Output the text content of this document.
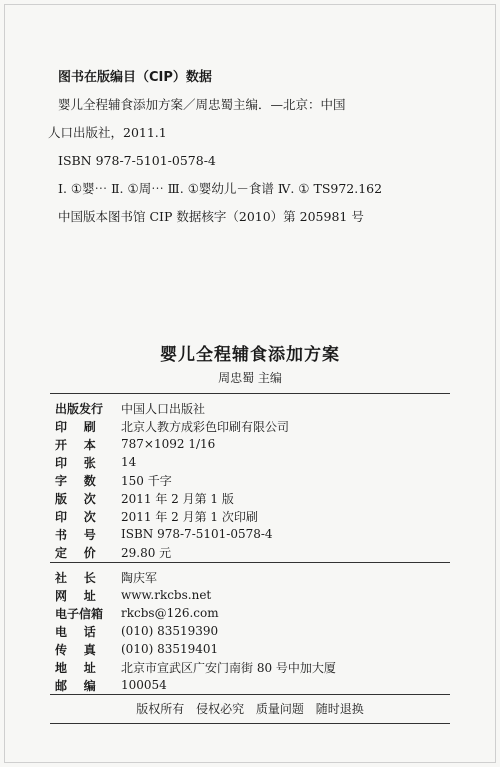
图书在版编目（CIP）数据
婴儿全程辅食添加方案／周忠蜀主编．—北京：中国
人口出版社，2011.1
ISBN 978-7-5101-0578-4
Ⅰ. ①婴⋯ Ⅱ. ①周⋯ Ⅲ. ①婴幼儿－食谱 Ⅳ. ① TS972.162
中国版本图书馆 CIP 数据核字（2010）第 205981 号
婴儿全程辅食添加方案
周忠蜀 主编
出版发行	中国人口出版社
印    刷	北京人教方成彩色印刷有限公司
开    本	787×1092 1/16
印    张	14
字    数	150 千字
版    次	2011 年 2 月第 1 版
印    次	2011 年 2 月第 1 次印刷
书    号	ISBN 978-7-5101-0578-4
定    价	29.80 元
社    长	陶庆军
网    址	www.rkcbs.net
电子信箱	rkcbs@126.com
电    话	(010) 83519390
传    真	(010) 83519401
地    址	北京市宣武区广安门南街 80 号中加大厦
邮    编	100054
版权所有 侵权必究 质量问题 随时退换
